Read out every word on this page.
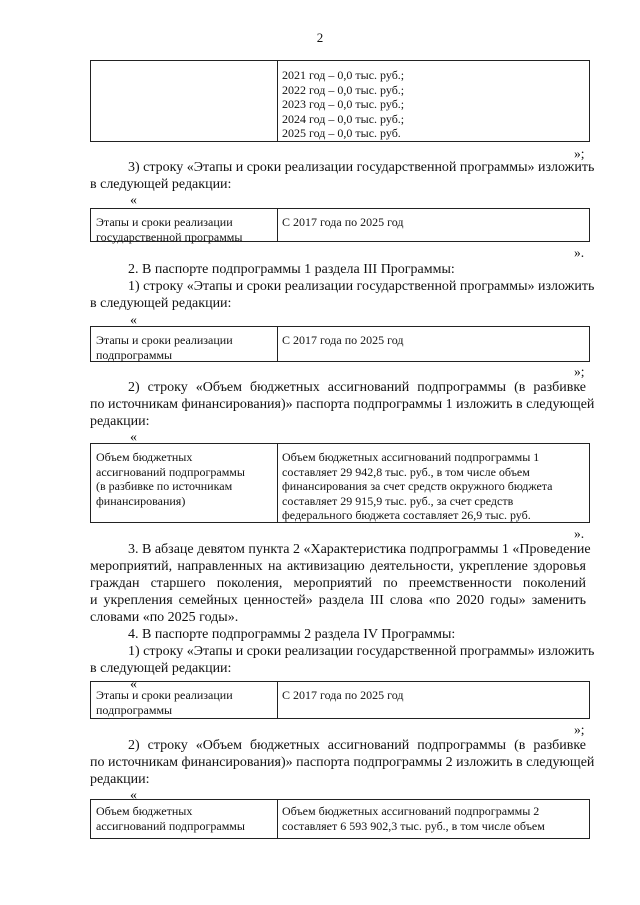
2
2021 год – 0,0 тыс. руб.;
2022 год – 0,0 тыс. руб.;
2023 год – 0,0 тыс. руб.;
2024 год – 0,0 тыс. руб.;
2025 год – 0,0 тыс. руб.
»;
3) строку «Этапы и сроки реализации государственной программы» изложить
в следующей редакции:
«
Этапы и сроки реализации
государственной программы
С 2017 года по 2025 год
».
2. В паспорте подпрограммы 1 раздела III Программы:
1) строку «Этапы и сроки реализации государственной программы» изложить
в следующей редакции:
«
Этапы и сроки реализации
подпрограммы
С 2017 года по 2025 год
»;
2) строку «Объем бюджетных ассигнований подпрограммы (в разбивке
по источникам финансирования)» паспорта подпрограммы 1 изложить в следующей
редакции:
«
Объем бюджетных
ассигнований подпрограммы
(в разбивке по источникам
финансирования)
Объем бюджетных ассигнований подпрограммы 1
составляет 29 942,8 тыс. руб., в том числе объем
финансирования за счет средств окружного бюджета
составляет 29 915,9 тыс. руб., за счет средств
федерального бюджета составляет 26,9 тыс. руб.
».
3. В абзаце девятом пункта 2 «Характеристика подпрограммы 1 «Проведение
мероприятий, направленных на активизацию деятельности, укрепление здоровья
граждан старшего поколения, мероприятий по преемственности поколений
и укрепления семейных ценностей» раздела III слова «по 2020 годы» заменить
словами «по 2025 годы».
4. В паспорте подпрограммы 2 раздела IV Программы:
1) строку «Этапы и сроки реализации государственной программы» изложить
в следующей редакции:
«
Этапы и сроки реализации
подпрограммы
С 2017 года по 2025 год
»;
2) строку «Объем бюджетных ассигнований подпрограммы (в разбивке
по источникам финансирования)» паспорта подпрограммы 2 изложить в следующей
редакции:
«
Объем бюджетных
ассигнований подпрограммы
Объем бюджетных ассигнований подпрограммы 2
составляет 6 593 902,3 тыс. руб., в том числе объем
